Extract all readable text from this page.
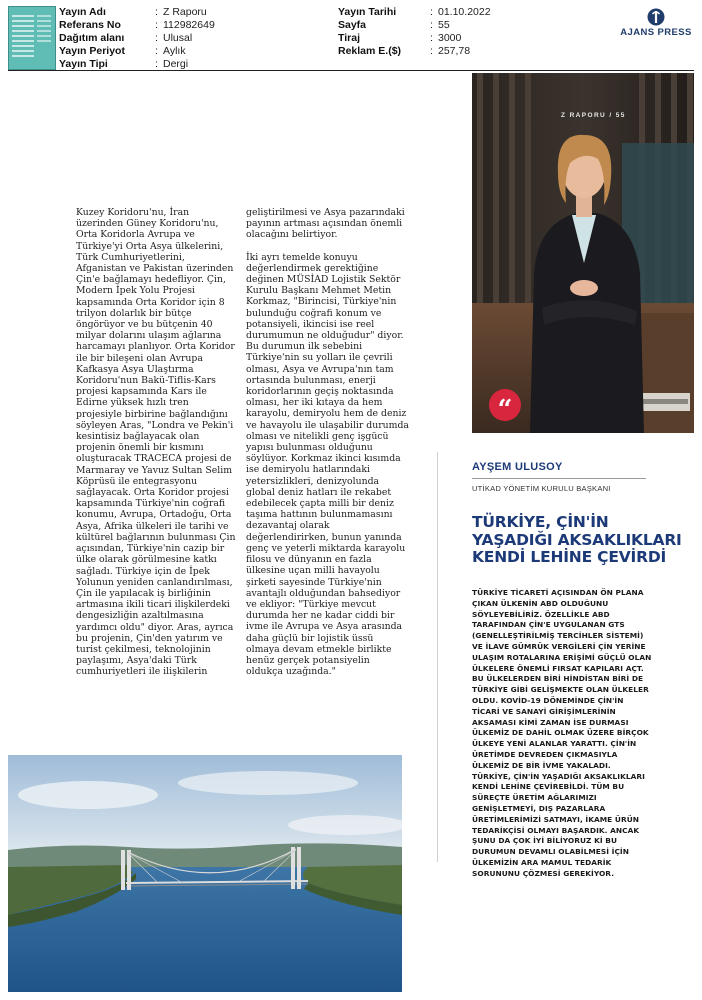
Yayın Adı	: Z Raporu
Referans No	: 112982649
Dağıtım alanı	: Ulusal
Yayın Periyot	: Aylık
Yayın Tipi	: Dergi
Yayın Tarihi	: 01.10.2022
Sayfa	: 55
Tiraj	: 3000
Reklam E.($)	: 257,78
AJANS PRESS

Kuzey Koridoru'nu, İran üzerinden Güney Koridoru'nu, Orta Koridorla Avrupa ve Türkiye'yi Orta Asya ülkelerini, Türk Cumhuriyetlerini, Afganistan ve Pakistan üzerinden Çin'e bağlamayı hedefliyor. Çin, Modern İpek Yolu Projesi kapsamında Orta Koridor için 8 trilyon dolarlık bir bütçe öngörüyor ve bu bütçenin 40 milyar dolarını ulaşım ağlarına harcamayı planlıyor. Orta Koridor ile bir bileşeni olan Avrupa Kafkasya Asya Ulaştırma Koridoru'nun Bakü-Tiflis-Kars projesi kapsamında Kars ile Edirne yüksek hızlı tren projesiyle birbirine bağlandığını söyleyen Aras, "Londra ve Pekin'i kesintisiz bağlayacak olan projenin önemli bir kısmını oluşturacak TRACECA projesi de Marmaray ve Yavuz Sultan Selim Köprüsü ile entegrasyonu sağlayacak. Orta Koridor projesi kapsamında Türkiye'nin coğrafi konumu, Avrupa, Ortadoğu, Orta Asya, Afrika ülkeleri ile tarihi ve kültürel bağlarının bulunması Çin açısından, Türkiye'nin cazip bir ülke olarak görülmesine katkı sağladı. Türkiye için de İpek Yolunun yeniden canlandırılması, Çin ile yapılacak iş birliğinin artmasına ikili ticari ilişkilerdeki dengesizliğin azaltılmasına yardımcı oldu" diyor. Aras, ayrıca bu projenin, Çin'den yatırım ve turist çekilmesi, teknolojinin paylaşımı, Asya'daki Türk cumhuriyetleri ile ilişkilerin

geliştirilmesi ve Asya pazarındaki payının artması açısından önemli olacağını belirtiyor.

İki ayrı temelde konuyu değerlendirmek gerektiğine değinen MÜSİAD Lojistik Sektör Kurulu Başkanı Mehmet Metin Korkmaz, "Birincisi, Türkiye'nin bulunduğu coğrafi konum ve potansiyeli, ikincisi ise reel durumumun ne olduğudur" diyor. Bu durumun ilk sebebini Türkiye'nin su yolları ile çevrili olması, Asya ve Avrupa'nın tam ortasında bulunması, enerji koridorlarının geçiş noktasında olması, her iki kıtaya da hem karayolu, demiryolu hem de deniz ve havayolu ile ulaşabilir durumda olması ve nitelikli genç işgücü yapısı bulunması olduğunu söylüyor. Korkmaz ikinci kısımda ise demiryolu hatlarındaki yetersizlikleri, denizyolunda global deniz hatları ile rekabet edebilecek çapta milli bir deniz taşıma hattının bulunmamasını dezavantaj olarak değerlendirirken, bunun yanında genç ve yeterli miktarda karayolu filosu ve dünyanın en fazla ülkesine uçan milli havayolu şirketi sayesinde Türkiye'nin avantajlı olduğundan bahsediyor ve ekliyor: "Türkiye mevcut durumda her ne kadar ciddi bir ivme ile Avrupa ve Asya arasında daha güçlü bir lojistik üssü olmaya devam etmekle birlikte henüz gerçek potansiyelin oldukça uzağında."

Z RAPORU / 55
“
AYŞEM ULUSOY
UTİKAD YÖNETİM KURULU BAŞKANI
TÜRKİYE, ÇİN'İN
YAŞADIĞI AKSAKLIKLARI
KENDİ LEHİNE ÇEVİRDİ
TÜRKİYE TİCARETİ AÇISINDAN ÖN PLANA ÇIKAN ÜLKENİN ABD OLDUĞUNU SÖYLEYEBİLİRİZ. ÖZELLİKLE ABD TARAFINDAN ÇİN'E UYGULANAN GTS (GENELLEŞTİRİLMİŞ TERCİHLER SİSTEMİ) VE İLAVE GÜMRÜK VERGİLERİ ÇİN YERİNE ULAŞIM ROTALARINA ERİŞİMİ GÜÇLÜ OLAN ÜLKELERE ÖNEMLİ FIRSAT KAPILARI AÇT. BU ÜLKELERDEN BİRİ HİNDİSTAN BİRİ DE TÜRKİYE GİBİ GELİŞMEKTE OLAN ÜLKELER OLDU. KOVİD-19 DÖNEMİNDE ÇİN'İN TİCARİ VE SANAYİ GİRİŞİMLERİNİN AKSAMASI KİMİ ZAMAN İSE DURMASI ÜLKEMİZ DE DAHİL OLMAK ÜZERE BİRÇOK ÜLKEYE YENİ ALANLAR YARATTI. ÇİN'İN ÜRETİMDE DEVREDEN ÇIKMASIYLA ÜLKEMİZ DE BİR İVME YAKALADI. TÜRKİYE, ÇİN'İN YAŞADIĞI AKSAKLIKLARI KENDİ LEHİNE ÇEVİREBİLDİ. TÜM BU SÜREÇTE ÜRETİM AĞLARIMIZI GENİŞLETMEYİ, DIŞ PAZARLARA ÜRETİMLERİMİZİ SATMAYI, İKAME ÜRÜN TEDARİKÇİSİ OLMAYI BAŞARDIK. ANCAK ŞUNU DA ÇOK İYİ BİLİYORUZ Kİ BU DURUMUN DEVAMLI OLABİLMESİ İÇİN ÜLKEMİZİN ARA MAMUL TEDARİK SORUNUNU ÇÖZMESİ GEREKİYOR.
